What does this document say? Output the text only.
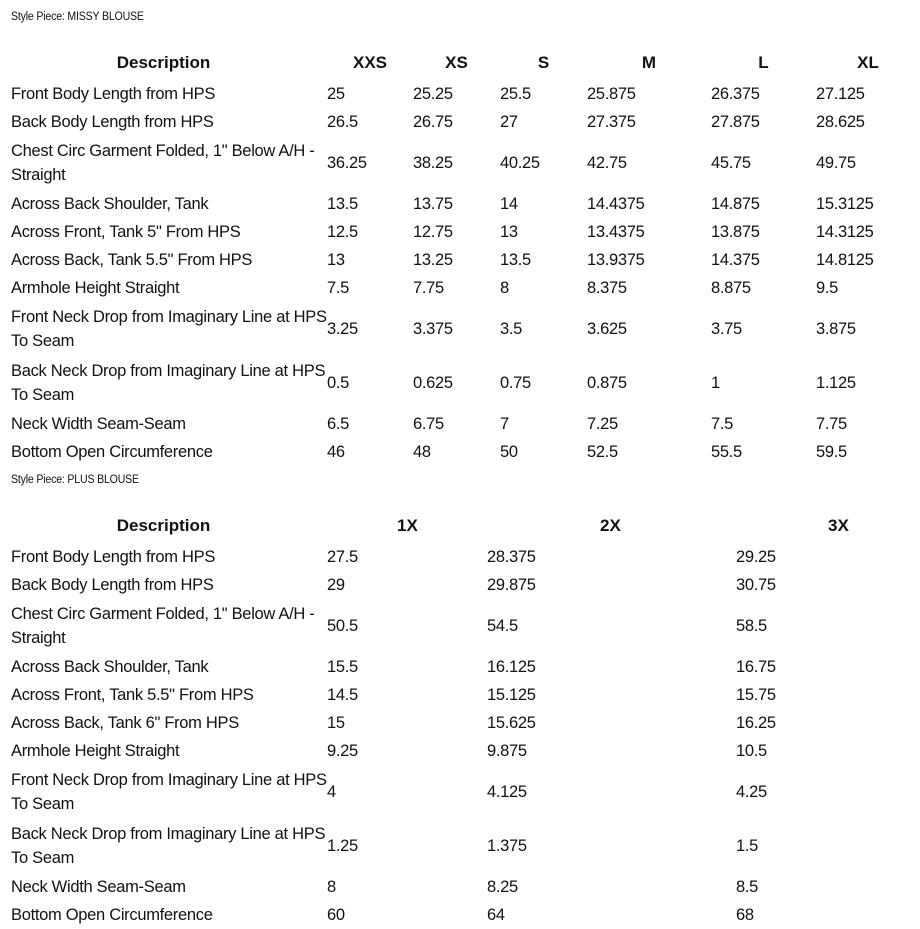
Style Piece: MISSY BLOUSE
Description	XXS	XS	S	M	L	XL
Front Body Length from HPS	25	25.25	25.5	25.875	26.375	27.125
Back Body Length from HPS	26.5	26.75	27	27.375	27.875	28.625
Chest Circ Garment Folded, 1" Below A/H - Straight	36.25	38.25	40.25	42.75	45.75	49.75
Across Back Shoulder, Tank	13.5	13.75	14	14.4375	14.875	15.3125
Across Front, Tank 5" From HPS	12.5	12.75	13	13.4375	13.875	14.3125
Across Back, Tank 5.5" From HPS	13	13.25	13.5	13.9375	14.375	14.8125
Armhole Height Straight	7.5	7.75	8	8.375	8.875	9.5
Front Neck Drop from Imaginary Line at HPS To Seam	3.25	3.375	3.5	3.625	3.75	3.875
Back Neck Drop from Imaginary Line at HPS To Seam	0.5	0.625	0.75	0.875	1	1.125
Neck Width Seam-Seam	6.5	6.75	7	7.25	7.5	7.75
Bottom Open Circumference	46	48	50	52.5	55.5	59.5
Style Piece: PLUS BLOUSE
Description	1X	2X	3X
Front Body Length from HPS	27.5	28.375	29.25
Back Body Length from HPS	29	29.875	30.75
Chest Circ Garment Folded, 1" Below A/H - Straight	50.5	54.5	58.5
Across Back Shoulder, Tank	15.5	16.125	16.75
Across Front, Tank 5.5" From HPS	14.5	15.125	15.75
Across Back, Tank 6" From HPS	15	15.625	16.25
Armhole Height Straight	9.25	9.875	10.5
Front Neck Drop from Imaginary Line at HPS To Seam	4	4.125	4.25
Back Neck Drop from Imaginary Line at HPS To Seam	1.25	1.375	1.5
Neck Width Seam-Seam	8	8.25	8.5
Bottom Open Circumference	60	64	68
